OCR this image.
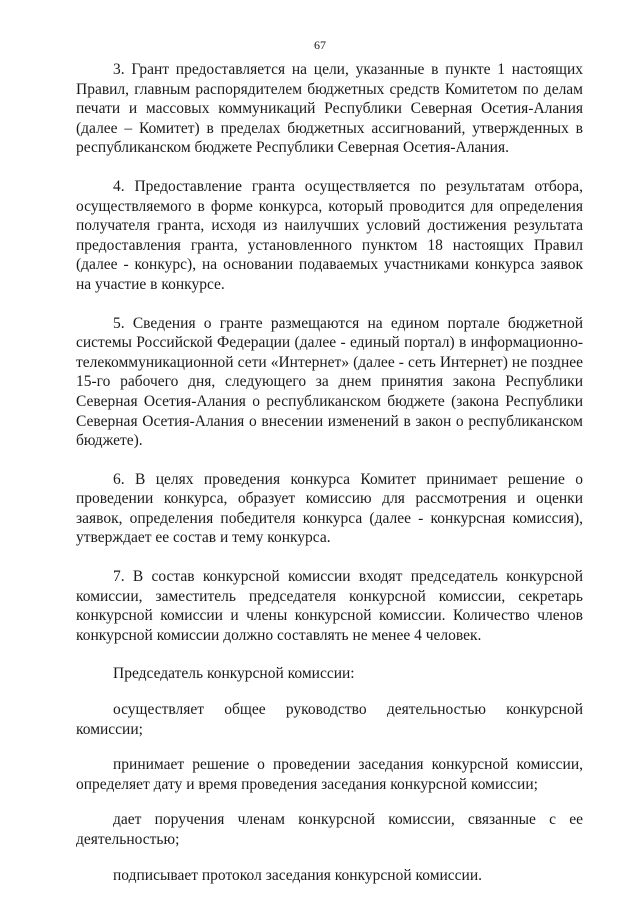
67

3. Грант предоставляется на цели, указанные в пункте 1 настоящих Правил, главным распорядителем бюджетных средств Комитетом по делам печати и массовых коммуникаций Республики Северная Осетия-Алания (далее – Комитет) в пределах бюджетных ассигнований, утвержденных в республиканском бюджете Республики Северная Осетия-Алания.

4. Предоставление гранта осуществляется по результатам отбора, осуществляемого в форме конкурса, который проводится для определения получателя гранта, исходя из наилучших условий достижения результата предоставления гранта, установленного пунктом 18 настоящих Правил (далее - конкурс), на основании подаваемых участниками конкурса заявок на участие в конкурсе.

5. Сведения о гранте размещаются на едином портале бюджетной системы Российской Федерации (далее - единый портал) в информационно-телекоммуникационной сети «Интернет» (далее - сеть Интернет) не позднее 15-го рабочего дня, следующего за днем принятия закона Республики Северная Осетия-Алания о республиканском бюджете (закона Республики Северная Осетия-Алания о внесении изменений в закон о республиканском бюджете).

6. В целях проведения конкурса Комитет принимает решение о проведении конкурса, образует комиссию для рассмотрения и оценки заявок, определения победителя конкурса (далее - конкурсная комиссия), утверждает ее состав и тему конкурса.

7. В состав конкурсной комиссии входят председатель конкурсной комиссии, заместитель председателя конкурсной комиссии, секретарь конкурсной комиссии и члены конкурсной комиссии. Количество членов конкурсной комиссии должно составлять не менее 4 человек.

Председатель конкурсной комиссии:

осуществляет общее руководство деятельностью конкурсной комиссии;

принимает решение о проведении заседания конкурсной комиссии, определяет дату и время проведения заседания конкурсной комиссии;

дает поручения членам конкурсной комиссии, связанные с ее деятельностью;

подписывает протокол заседания конкурсной комиссии.
